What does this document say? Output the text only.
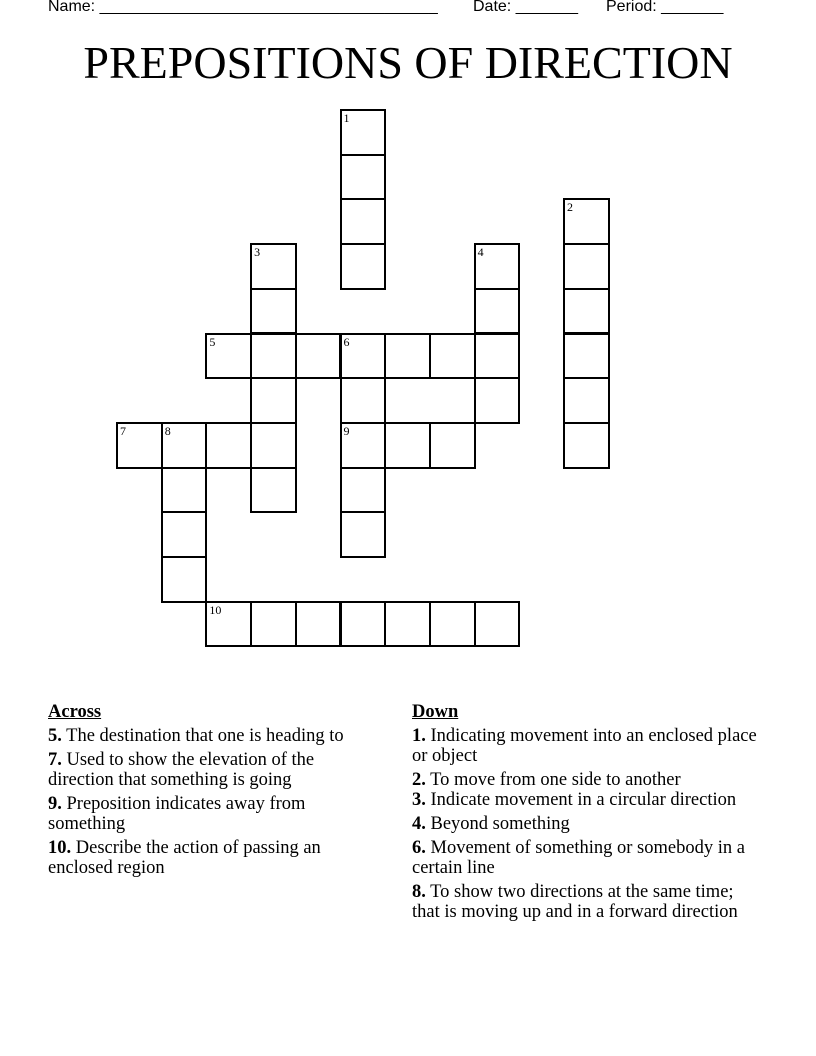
Name: ______________________________________

Date: _______

Period: _______

PREPOSITIONS OF DIRECTION
1
2
3	4
5	6
9
7	8
10
Across
5. The destination that one is heading to
7. Used to show the elevation of the direction that something is going
9. Preposition indicates away from something
10. Describe the action of passing an enclosed region
Down
1. Indicating movement into an enclosed place or object
2. To move from one side to another
3. Indicate movement in a circular direction
4. Beyond something
6. Movement of something or somebody in a certain line
8. To show two directions at the same time; that is moving up and in a forward direction
